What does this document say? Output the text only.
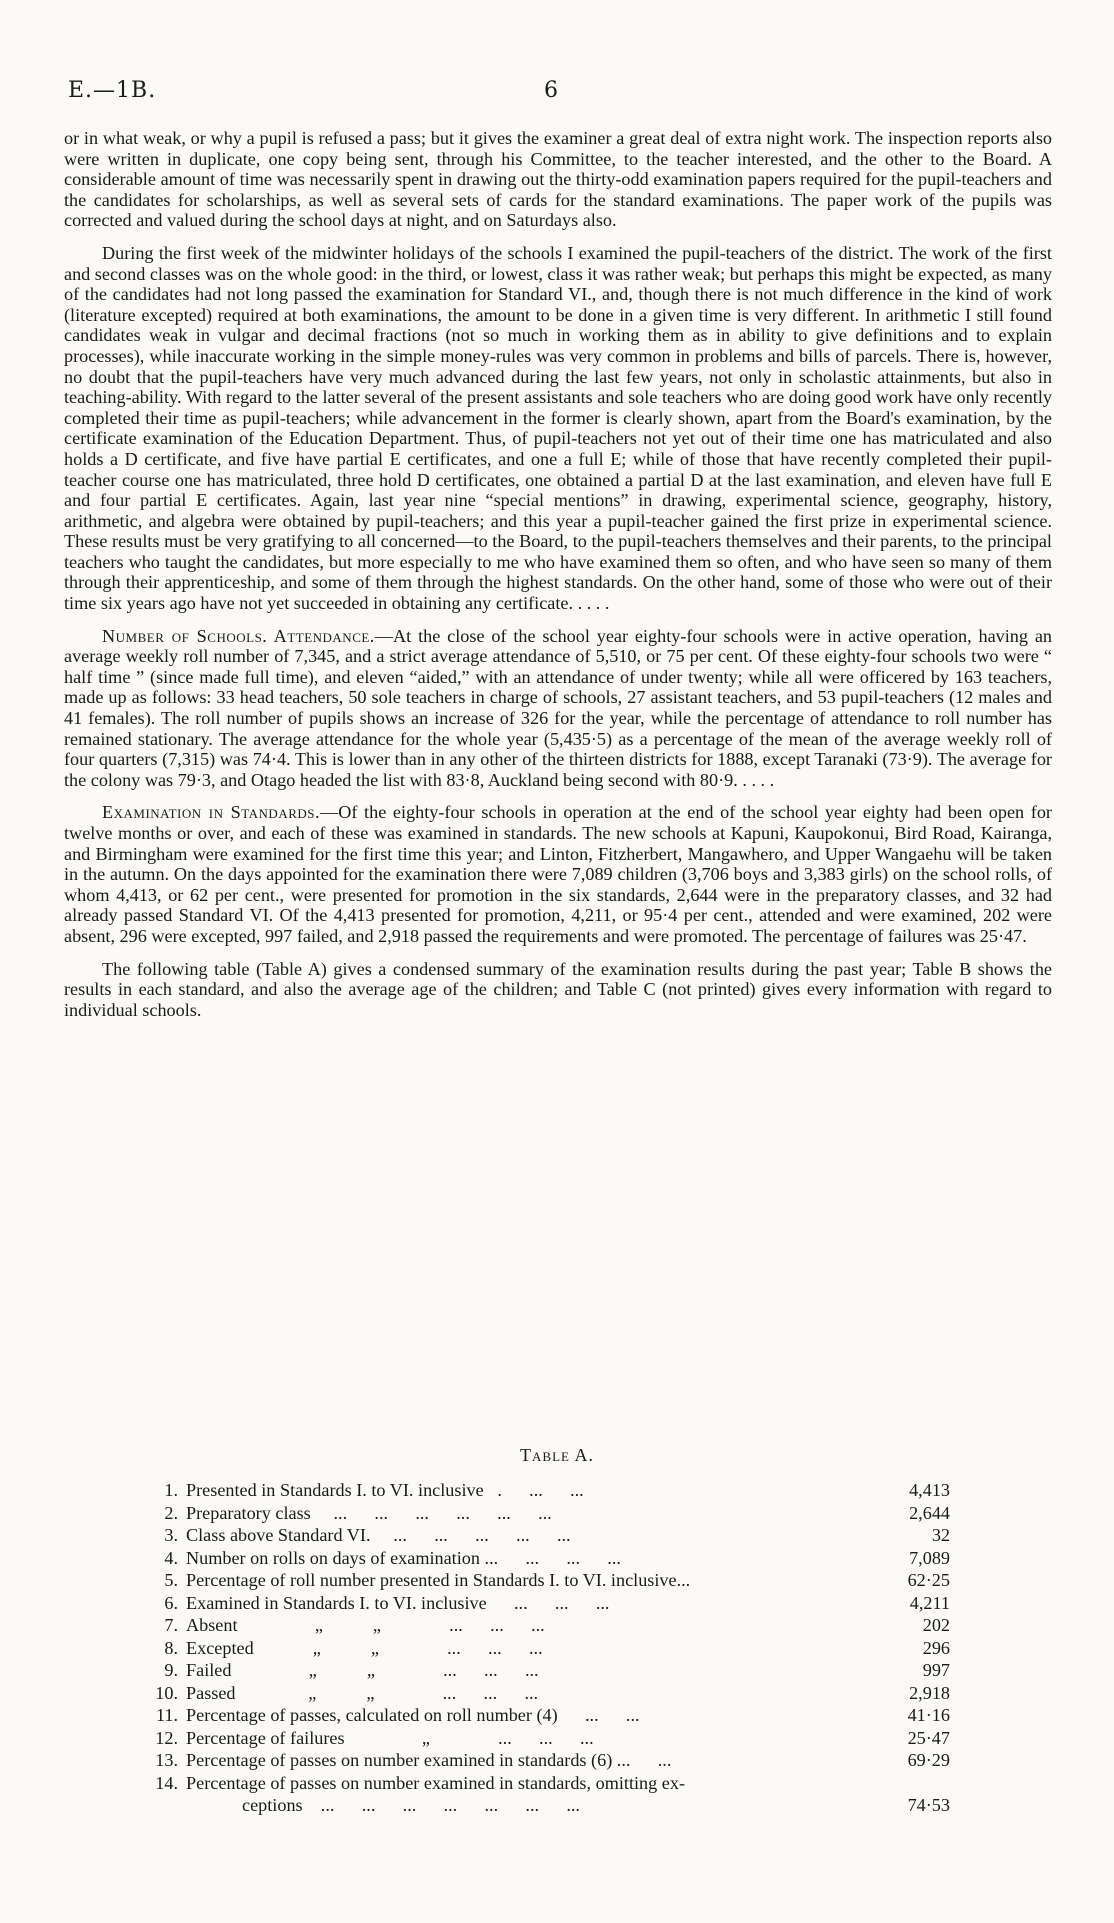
E.—1B.	6

or in what weak, or why a pupil is refused a pass; but it gives the examiner a great deal of extra night work. The inspection reports also were written in duplicate, one copy being sent, through his Committee, to the teacher interested, and the other to the Board. A considerable amount of time was necessarily spent in drawing out the thirty-odd examination papers required for the pupil-teachers and the candidates for scholarships, as well as several sets of cards for the standard examinations. The paper work of the pupils was corrected and valued during the school days at night, and on Saturdays also.

During the first week of the midwinter holidays of the schools I examined the pupil-teachers of the district. The work of the first and second classes was on the whole good: in the third, or lowest, class it was rather weak; but perhaps this might be expected, as many of the candidates had not long passed the examination for Standard VI., and, though there is not much difference in the kind of work (literature excepted) required at both examinations, the amount to be done in a given time is very different. In arithmetic I still found candidates weak in vulgar and decimal fractions (not so much in working them as in ability to give definitions and to explain processes), while inaccurate working in the simple money-rules was very common in problems and bills of parcels. There is, however, no doubt that the pupil-teachers have very much advanced during the last few years, not only in scholastic attainments, but also in teaching-ability. With regard to the latter several of the present assistants and sole teachers who are doing good work have only recently completed their time as pupil-teachers; while advancement in the former is clearly shown, apart from the Board's examination, by the certificate examination of the Education Department. Thus, of pupil-teachers not yet out of their time one has matriculated and also holds a D certificate, and five have partial E certificates, and one a full E; while of those that have recently completed their pupil-teacher course one has matriculated, three hold D certificates, one obtained a partial D at the last examination, and eleven have full E and four partial E certificates. Again, last year nine “special mentions” in drawing, experimental science, geography, history, arithmetic, and algebra were obtained by pupil-teachers; and this year a pupil-teacher gained the first prize in experimental science. These results must be very gratifying to all concerned—to the Board, to the pupil-teachers themselves and their parents, to the principal teachers who taught the candidates, but more especially to me who have examined them so often, and who have seen so many of them through their apprenticeship, and some of them through the highest standards. On the other hand, some of those who were out of their time six years ago have not yet succeeded in obtaining any certificate. . . . .

Number of Schools. Attendance.—At the close of the school year eighty-four schools were in active operation, having an average weekly roll number of 7,345, and a strict average attendance of 5,510, or 75 per cent. Of these eighty-four schools two were “ half time ” (since made full time), and eleven “aided,” with an attendance of under twenty; while all were officered by 163 teachers, made up as follows: 33 head teachers, 50 sole teachers in charge of schools, 27 assistant teachers, and 53 pupil-teachers (12 males and 41 females). The roll number of pupils shows an increase of 326 for the year, while the percentage of attendance to roll number has remained stationary. The average attendance for the whole year (5,435·5) as a percentage of the mean of the average weekly roll of four quarters (7,315) was 74·4. This is lower than in any other of the thirteen districts for 1888, except Taranaki (73·9). The average for the colony was 79·3, and Otago headed the list with 83·8, Auckland being second with 80·9. . . . .

Examination in Standards.—Of the eighty-four schools in operation at the end of the school year eighty had been open for twelve months or over, and each of these was examined in standards. The new schools at Kapuni, Kaupokonui, Bird Road, Kairanga, and Birmingham were examined for the first time this year; and Linton, Fitzherbert, Mangawhero, and Upper Wangaehu will be taken in the autumn. On the days appointed for the examination there were 7,089 children (3,706 boys and 3,383 girls) on the school rolls, of whom 4,413, or 62 per cent., were presented for promotion in the six standards, 2,644 were in the preparatory classes, and 32 had already passed Standard VI. Of the 4,413 presented for promotion, 4,211, or 95·4 per cent., attended and were examined, 202 were absent, 296 were excepted, 997 failed, and 2,918 passed the requirements and were promoted. The percentage of failures was 25·47.

The following table (Table A) gives a condensed summary of the examination results during the past year; Table B shows the results in each standard, and also the average age of the children; and Table C (not printed) gives every information with regard to individual schools.

Table A.
1. Presented in Standards I. to VI. inclusive   .      ...      ...	4,413
2. Preparatory class     ...      ...      ...      ...      ...      ...	2,644
3. Class above Standard VI.     ...      ...      ...      ...      ...	32
4. Number on rolls on days of examination ...      ...      ...      ...	7,089
5. Percentage of roll number presented in Standards I. to VI. inclusive...	62·25
6. Examined in Standards I. to VI. inclusive      ...      ...      ...	4,211
7. Absent                 „           „               ...      ...      ...	202
8. Excepted             „           „               ...      ...      ...	296
9. Failed                 „           „               ...      ...      ...	997
10. Passed                „           „               ...      ...      ...	2,918
11. Percentage of passes, calculated on roll number (4)      ...      ...	41·16
12. Percentage of failures                 „               ...      ...      ...	25·47
13. Percentage of passes on number examined in standards (6) ...      ...	69·29
14. Percentage of passes on number examined in standards, omitting ex-
ceptions    ...      ...      ...      ...      ...      ...      ...	74·53
